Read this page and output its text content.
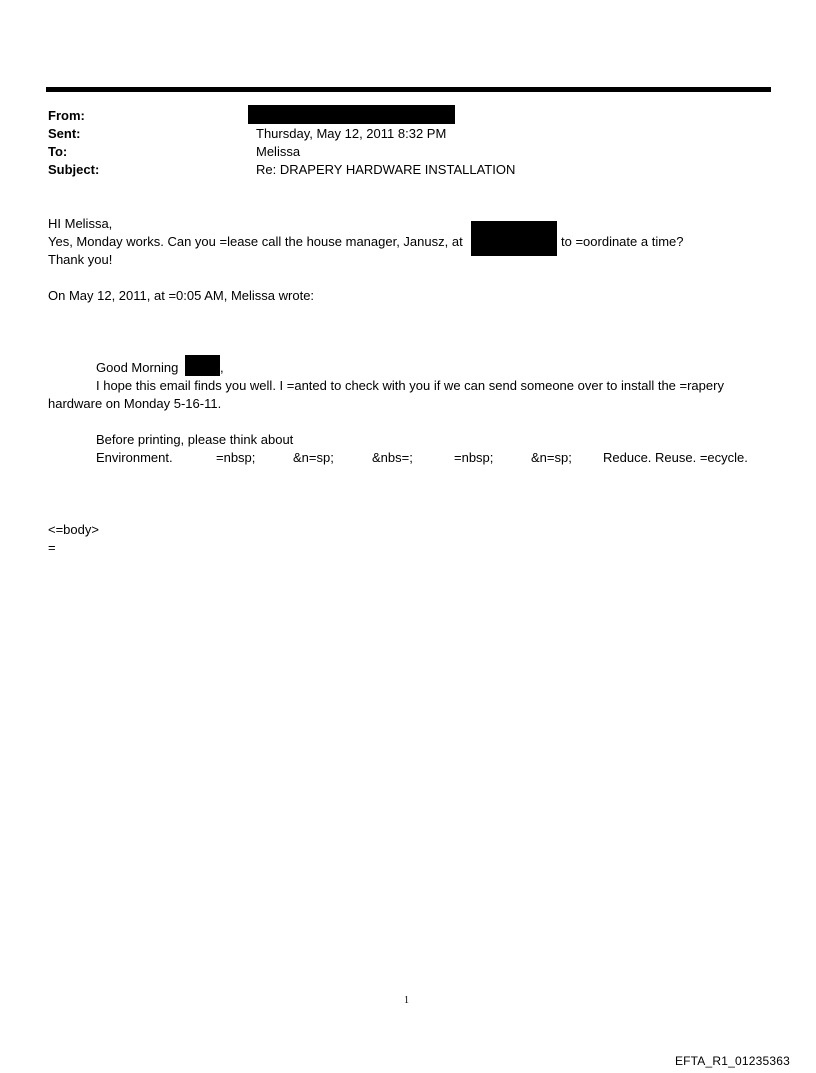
From:
Sent:	Thursday, May 12, 2011 8:32 PM
To:	Melissa
Subject:	Re: DRAPERY HARDWARE INSTALLATION
HI Melissa,
Yes, Monday works. Can you =lease call the house manager, Janusz, at	to =oordinate a time?
Thank you!
On May 12, 2011, at =0:05 AM, Melissa wrote:
Good Morning	,
I hope this email finds you well. I =anted to check with you if we can send someone over to install the =rapery
hardware on Monday 5-16-11.
Before printing, please think about
Environment.	=nbsp;	&n=sp;	&nbs=;	=nbsp;	&n=sp; Reduce. Reuse. =ecycle.
<=body>
=
1
EFTA_R1_01235363
